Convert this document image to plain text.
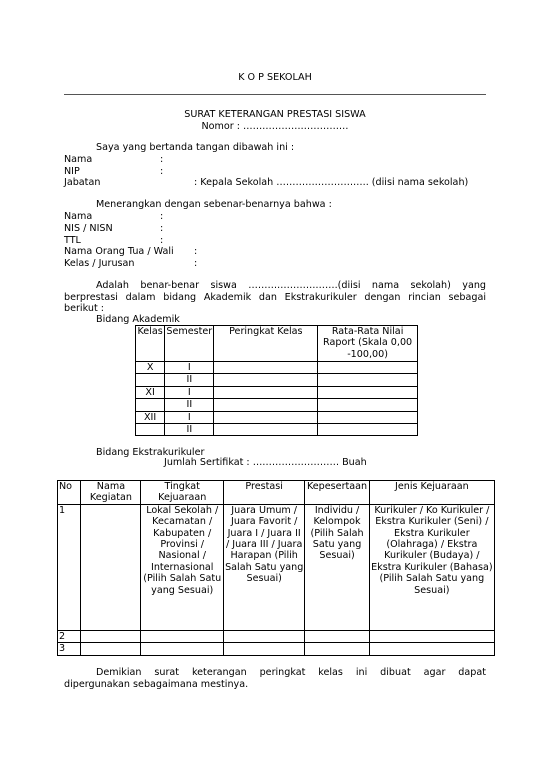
K O P SEKOLAH
SURAT KETERANGAN PRESTASI SISWA
Nomor : ……………………………
Saya yang bertanda tangan dibawah ini :
Nama	:
NIP	:
Jabatan	: Kepala Sekolah ……………………….. (diisi nama sekolah)
Menerangkan dengan sebenar-benarnya bahwa :
Nama	:
NIS / NISN	:
TTL	:
Nama Orang Tua / Wali :
Kelas / Jurusan	:
Adalah benar-benar siswa ……………………….(diisi nama sekolah) yang
berprestasi dalam bidang Akademik dan Ekstrakurikuler dengan rincian sebagai
berikut :
Bidang Akademik
Kelas	Semester	Peringkat Kelas	Rata-Rata Nilai Raport (Skala 0,00 -100,00)
X	I		
	II		
XI	I		
	II		
XII	I		
	II		
Bidang Ekstrakurikuler
Jumlah Sertifikat : ……………………… Buah
No	Nama Kegiatan	Tingkat Kejuaraan	Prestasi	Kepesertaan	Jenis Kejuaraan
1		Lokal Sekolah / Kecamatan / Kabupaten / Provinsi / Nasional / Internasional (Pilih Salah Satu yang Sesuai)	Juara Umum / Juara Favorit / Juara I / Juara II / Juara III / Juara Harapan (Pilih Salah Satu yang Sesuai)	Individu / Kelompok (Pilih Salah Satu yang Sesuai)	Kurikuler / Ko Kurikuler / Ekstra Kurikuler (Seni) / Ekstra Kurikuler (Olahraga) / Ekstra Kurikuler (Budaya) / Ekstra Kurikuler (Bahasa) (Pilih Salah Satu yang Sesuai)
2					
3					
Demikian surat keterangan peringkat kelas ini dibuat agar dapat
dipergunakan sebagaimana mestinya.
